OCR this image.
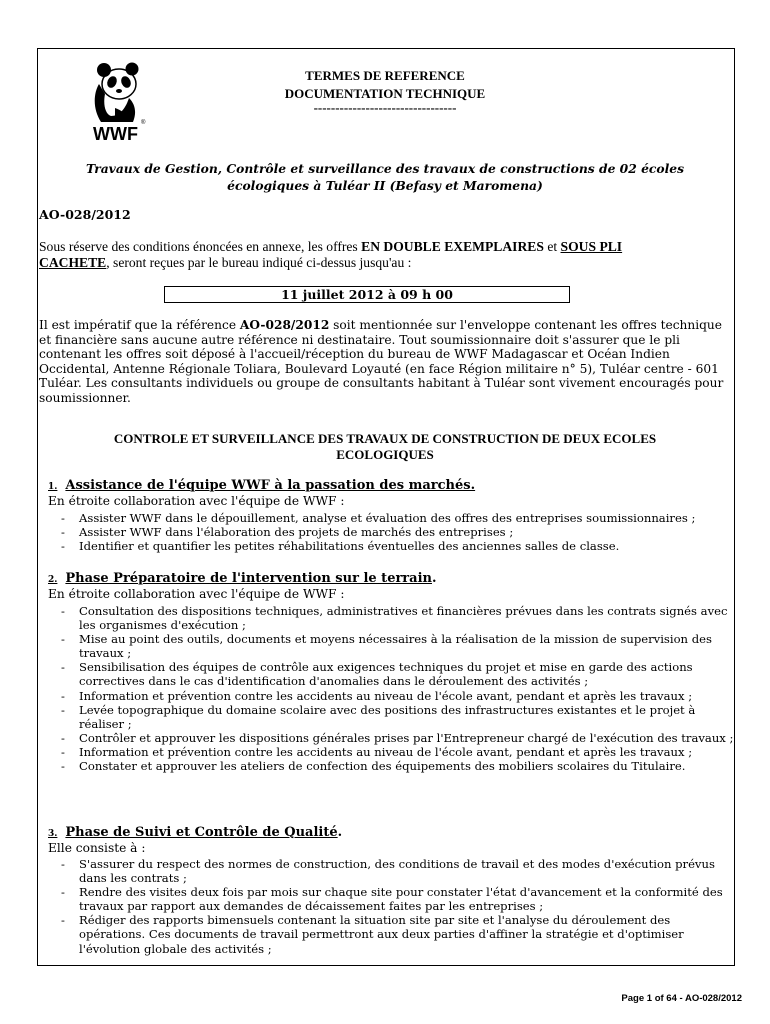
WWF
®
TERMES DE REFERENCE
DOCUMENTATION TECHNIQUE
---------------------------------
Travaux de Gestion, Contrôle et surveillance des travaux de constructions de 02 écoles
écologiques à Tuléar II (Befasy et Maromena)
AO-028/2012
Sous réserve des conditions énoncées en annexe, les offres EN DOUBLE EXEMPLAIRES et SOUS PLI
CACHETE, seront reçues par le bureau indiqué ci-dessus jusqu'au :
11 juillet 2012 à 09 h 00
Il est impératif que la référence AO-028/2012 soit mentionnée sur l'enveloppe contenant les offres technique
et financière sans aucune autre référence ni destinataire. Tout soumissionnaire doit s'assurer que le pli
contenant les offres soit déposé à l'accueil/réception du bureau de WWF Madagascar et Océan Indien
Occidental, Antenne Régionale Toliara, Boulevard Loyauté (en face Région militaire n° 5), Tuléar centre - 601
Tuléar. Les consultants individuels ou groupe de consultants habitant à Tuléar sont vivement encouragés pour
soumissionner.
CONTROLE ET SURVEILLANCE DES TRAVAUX DE CONSTRUCTION DE DEUX ECOLES
ECOLOGIQUES
1. Assistance de l'équipe WWF à la passation des marchés.
En étroite collaboration avec l'équipe de WWF :
- Assister WWF dans le dépouillement, analyse et évaluation des offres des entreprises soumissionnaires ;
- Assister WWF dans l'élaboration des projets de marchés des entreprises ;
- Identifier et quantifier les petites réhabilitations éventuelles des anciennes salles de classe.
2. Phase Préparatoire de l'intervention sur le terrain.
En étroite collaboration avec l'équipe de WWF :
- Consultation des dispositions techniques, administratives et financières prévues dans les contrats signés avec les organismes d'exécution ;
- Mise au point des outils, documents et moyens nécessaires à la réalisation de la mission de supervision des travaux ;
- Sensibilisation des équipes de contrôle aux exigences techniques du projet et mise en garde des actions correctives dans le cas d'identification d'anomalies dans le déroulement des activités ;
- Information et prévention contre les accidents au niveau de l'école avant, pendant et après les travaux ;
- Levée topographique du domaine scolaire avec des positions des infrastructures existantes et le projet à réaliser ;
- Contrôler et approuver les dispositions générales prises par l'Entrepreneur chargé de l'exécution des travaux ;
- Information et prévention contre les accidents au niveau de l'école avant, pendant et après les travaux ;
- Constater et approuver les ateliers de confection des équipements des mobiliers scolaires du Titulaire.
3. Phase de Suivi et Contrôle de Qualité.
Elle consiste à :
- S'assurer du respect des normes de construction, des conditions de travail et des modes d'exécution prévus dans les contrats ;
- Rendre des visites deux fois par mois sur chaque site pour constater l'état d'avancement et la conformité des travaux par rapport aux demandes de décaissement faites par les entreprises ;
- Rédiger des rapports bimensuels contenant la situation site par site et l'analyse du déroulement des opérations. Ces documents de travail permettront aux deux parties d'affiner la stratégie et d'optimiser l'évolution globale des activités ;
Page 1 of 64 - AO-028/2012
